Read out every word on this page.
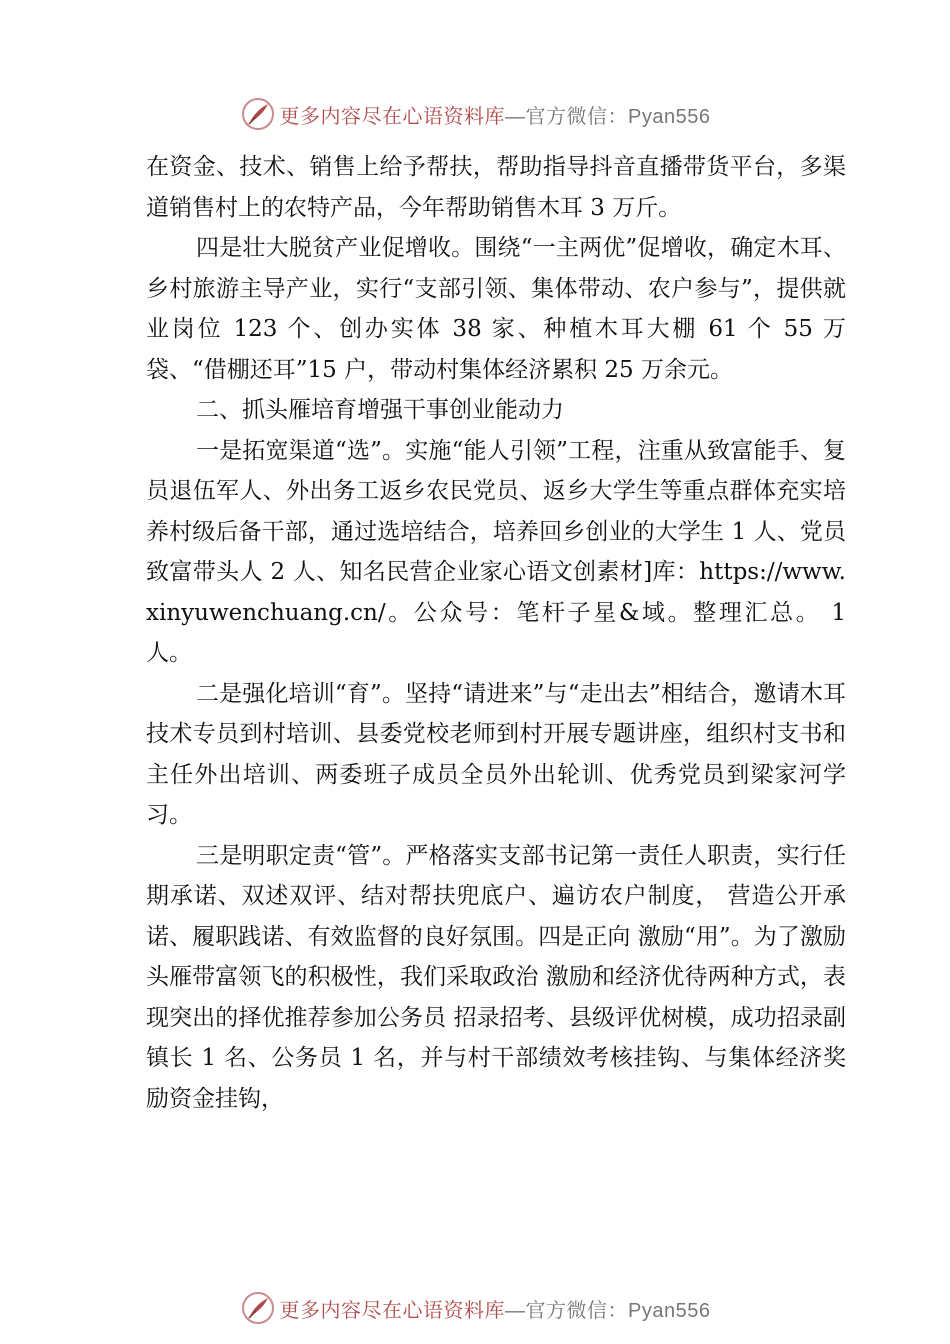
更多内容尽在心语资料库—官方微信：Pyan556

在资金、技术、销售上给予帮扶，帮助指导抖音直播带货平台，多渠道销售村上的农特产品，今年帮助销售木耳 3 万斤。

四是壮大脱贫产业促增收。围绕“一主两优”促增收，确定木耳、乡村旅游主导产业，实行“支部引领、集体带动、农户参与”，提供就业岗位 123 个、创办实体 38 家、种植木耳大棚 61 个 55 万袋、“借棚还耳”15 户，带动村集体经济累积 25 万余元。

二、抓头雁培育增强干事创业能动力

一是拓宽渠道“选”。实施“能人引领”工程，注重从致富能手、复员退伍军人、外出务工返乡农民党员、返乡大学生等重点群体充实培养村级后备干部，通过选培结合，培养回乡创业的大学生 1 人、党员致富带头人 2 人、知名民营企业家心语文创素材]库：https://www.xinyuwenchuang.cn/。公众号：笔杆子星&域。整理汇总。 1 人。

二是强化培训“育”。坚持“请进来”与“走出去”相结合，邀请木耳技术专员到村培训、县委党校老师到村开展专题讲座，组织村支书和主任外出培训、两委班子成员全员外出轮训、优秀党员到梁家河学习。

三是明职定责“管”。严格落实支部书记第一责任人职责，实行任期承诺、双述双评、结对帮扶兜底户、遍访农户制度， 营造公开承诺、履职践诺、有效监督的良好氛围。四是正向 激励“用”。为了激励头雁带富领飞的积极性，我们采取政治 激励和经济优待两种方式，表现突出的择优推荐参加公务员 招录招考、县级评优树模，成功招录副镇长 1 名、公务员 1 名，并与村干部绩效考核挂钩、与集体经济奖励资金挂钩，

更多内容尽在心语资料库—官方微信：Pyan556
